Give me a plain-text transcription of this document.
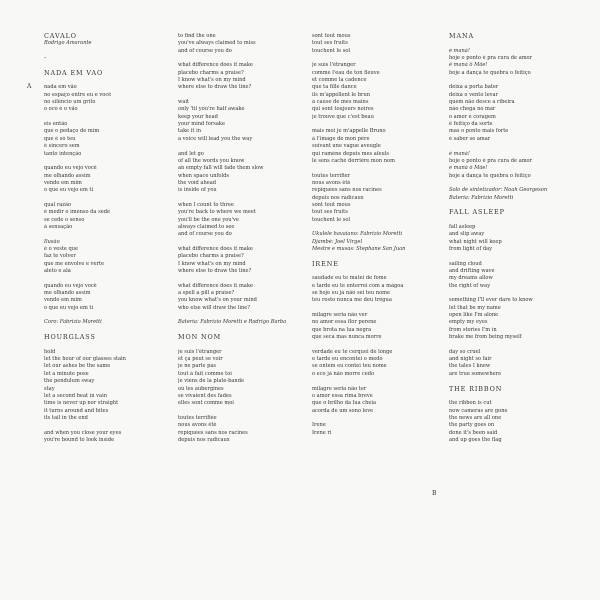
CAVALO
Rodrigo Amarante
–
NADA EM VÃO
nada em vão
no espaço entre eu e você
no silêncio um grito
o oco e o vão
eis então
que o pedaço de mim
que é só teu
é sincero sem
tanto intenção
quando eu vejo você
me olhando assim
vendo em mim
o que eu vejo em ti
qual razão
é medir o imenso da sede
se cede o senso
à sensação
Ilusão
é o veste que
faz te volver
que me envolve e verte
aleto e alà
quando eu vejo você
me olhando assim
vendo em mim
o que eu vejo em ti
Coro: Fabrizio Moretti
HOURGLASS
hold
let the hour of our glasses stain
let our ashes be the same
let a minute pose
the pendulum sway
stay
let a second beat in vain
time is never up nor straight
it turns around and bites
its tail in the end
and when you close your eyes
you're bound to look inside
to find the one
you've always claimed to miss
and of course you do
what difference does it make
placebo charms a praise?
I know what's on my mind
where else to draw the line?
wait
only 'til you're half awake
keep your head
your mind forsake
take it in
a voice will lead you the way
and let go
of all the words you know
an empty fall will fade them slow
when space unfolds
the void ahead
is inside of you
when I count to three
you're back to where we meet
you'll be the one you've
always claimed to see
and of course you do
what difference does it make
placebo charms a praise?
I know what's on my mind
where else to draw the line?
what difference does it make
a spell a pill a praise?
you know what's on your mind
who else will draw the line?
Bateria: Fabrizio Moretti e Rodrigo Barba
MON NOM
je suis l'étranger
et ça peut se voir
je ne parle pas
tout à fait comme toi
je viens de la plate-bande
où les aubergines
se vivaient des fades
elles sont comme moi
toutes terrifiée
nous avons été
repiquées sans nos racines
depuis nos radicaux
sont tout mous
tout ses fruits
touchent le sol
je suis l'étranger
comme l'eau de ton fleuve
et comme la cadence
que ta fille dance
ils m'appellent le brun
à cause de mes mains
qui sont toujours noires
je trouve que c'est beau
mais moi je m'appelle Bruno
à l'image de mon père
suivant une vague aveugle
qui ramène depuis mes aïeuls
le sens caché derrière mon nom
toutes terrifier
nous avons été
repiquées sans nos racines
depuis nos radicaux
sont tout mous
tout ses fruits
touchent le sol
Ukulele havaiano: Fabrizio Moretti
Djambé: Joel Virgel
Mestre e musas: Stephane San Juan
IRENE
saudade eu te matei de fome
e tarde eu te enterrei com a mágoa
se hoje eu já não sei teu nome
teu rosto nunca me deu trégua
milagre seria não ver
no amor essa flor perene
que brota na lua negra
que seca mas nunca morre
verdade eu te cerquei de longe
e tarde eu encontei o medo
se ontem eu contei teu nome
o eco já não morre cedo
milagre seria não ter
o amor essa rima breve
que o brilho da lua cheia
acorda de um sono leve
Irene
Irene ri
MANÁ
é maná!
hoje o ponto é pra cura de amor
é maná ô Mãe!
hoje a dança te quebra o feitiço
deixa a porta bater
deixa o vento levar
quem não desce a ribeira
não chega no mar
o amor é coragem
é feitiço da sorte
mas o ponto mais forte
é saber se amar
é maná!
hoje o ponto é pra cura de amor
é maná ô Mãe!
hoje a dança te quebra o feitiço
Solo de sintetizador: Noah Georgeson
Bateria: Fabrizio Moretti
FALL ASLEEP
fall asleep
and slip away
what night will keep
from light of day
sailing cloud
and drifting wave
my dreams allow
the right of way
something I'll ever dare to know
let that be my name
open like I'm alone
empty my eyes
from stories I'm in
brake me from being myself
day so cruel
and night so fair
the tales I knew
are true somewhere
THE RIBBON
the ribbon is cut
now cameras are gone
the news are all one
the party goes on
done it's been said
and up goes the flag
A
B
